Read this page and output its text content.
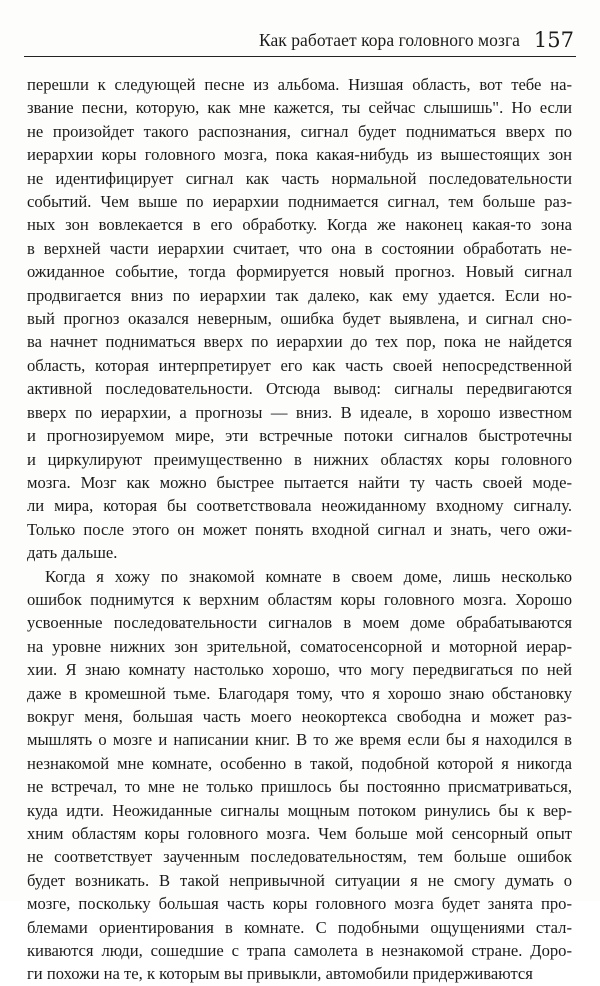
Как работает кора головного мозга 157
перешли к следующей песне из альбома. Низшая область, вот тебе на-
звание песни, которую, как мне кажется, ты сейчас слышишь". Но если
не произойдет такого распознания, сигнал будет подниматься вверх по
иерархии коры головного мозга, пока какая-нибудь из вышестоящих зон
не идентифицирует сигнал как часть нормальной последовательности
событий. Чем выше по иерархии поднимается сигнал, тем больше раз-
ных зон вовлекается в его обработку. Когда же наконец какая-то зона
в верхней части иерархии считает, что она в состоянии обработать не-
ожиданное событие, тогда формируется новый прогноз. Новый сигнал
продвигается вниз по иерархии так далеко, как ему удается. Если но-
вый прогноз оказался неверным, ошибка будет выявлена, и сигнал сно-
ва начнет подниматься вверх по иерархии до тех пор, пока не найдется
область, которая интерпретирует его как часть своей непосредственной
активной последовательности. Отсюда вывод: сигналы передвигаются
вверх по иерархии, а прогнозы — вниз. В идеале, в хорошо известном
и прогнозируемом мире, эти встречные потоки сигналов быстротечны
и циркулируют преимущественно в нижних областях коры головного
мозга. Мозг как можно быстрее пытается найти ту часть своей моде-
ли мира, которая бы соответствовала неожиданному входному сигналу.
Только после этого он может понять входной сигнал и знать, чего ожи-
дать дальше.
Когда я хожу по знакомой комнате в своем доме, лишь несколько
ошибок поднимутся к верхним областям коры головного мозга. Хорошо
усвоенные последовательности сигналов в моем доме обрабатываются
на уровне нижних зон зрительной, соматосенсорной и моторной иерар-
хии. Я знаю комнату настолько хорошо, что могу передвигаться по ней
даже в кромешной тьме. Благодаря тому, что я хорошо знаю обстановку
вокруг меня, большая часть моего неокортекса свободна и может раз-
мышлять о мозге и написании книг. В то же время если бы я находился в
незнакомой мне комнате, особенно в такой, подобной которой я никогда
не встречал, то мне не только пришлось бы постоянно присматриваться,
куда идти. Неожиданные сигналы мощным потоком ринулись бы к вер-
хним областям коры головного мозга. Чем больше мой сенсорный опыт
не соответствует заученным последовательностям, тем больше ошибок
будет возникать. В такой непривычной ситуации я не смогу думать о
мозге, поскольку большая часть коры головного мозга будет занята про-
блемами ориентирования в комнате. С подобными ощущениями стал-
киваются люди, сошедшие с трапа самолета в незнакомой стране. Доро-
ги похожи на те, к которым вы привыкли, автомобили придерживаются
